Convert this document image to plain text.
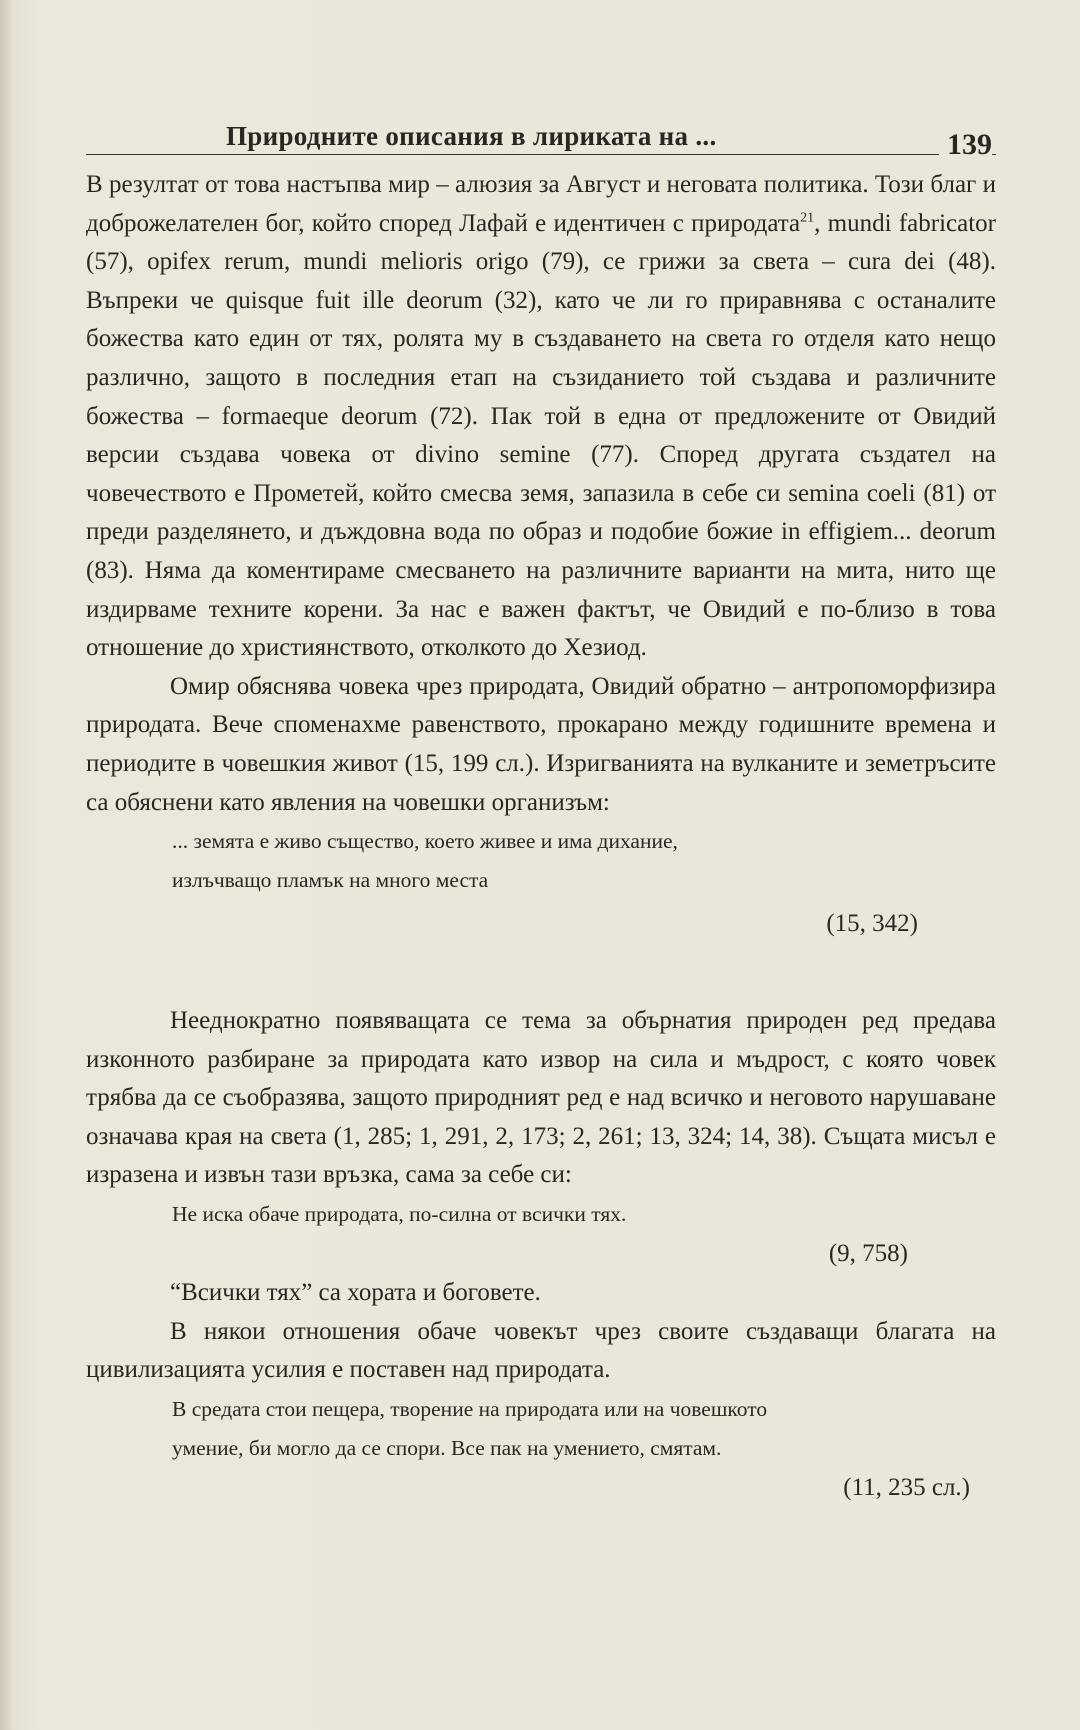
Природните описания в лириката на ...	139

В резултат от това настъпва мир – алюзия за Август и неговата политика. Този благ и доброжелателен бог, който според Лафай е идентичен с природата$^{21}$, mundi fabricator (57), opifex rerum, mundi melioris origo (79), се грижи за света – cura dei (48). Въпреки че quisque fuit ille deorum (32), като че ли го приравнява с останалите божества като един от тях, ролята му в създаването на света го отделя като нещо различно, защото в последния етап на съзиданието той създава и различните божества – formaeque deorum (72). Пак той в една от предложените от Овидий версии създава човека от divino semine (77). Според другата създател на човечеството е Прометей, който смесва земя, запазила в себе си semina coeli (81) от преди разделянето, и дъждовна вода по образ и подобие божие in effigiem... deorum (83). Няма да коментираме смесването на различните варианти на мита, нито ще издирваме техните корени. За нас е важен фактът, че Овидий е по-близо в това отношение до християнството, отколкото до Хезиод.

Омир обяснява човека чрез природата, Овидий обратно – антропоморфизира природата. Вече споменахме равенството, прокарано между годишните времена и периодите в човешкия живот (15, 199 сл.). Изригванията на вулканите и земетръсите са обяснени като явления на човешки организъм:

... земята е живо същество, което живее и има дихание,

излъчващо пламък на много места

(15, 342)

Нееднократно появяващата се тема за обърнатия природен ред предава изконното разбиране за природата като извор на сила и мъдрост, с която човек трябва да се съобразява, защото природният ред е над всичко и неговото нарушаване означава края на света (1, 285; 1, 291, 2, 173; 2, 261; 13, 324; 14, 38). Същата мисъл е изразена и извън тази връзка, сама за себе си:

Не иска обаче природата, по-силна от всички тях.

(9, 758)

“Всички тях” са хората и боговете.

В някои отношения обаче човекът чрез своите създаващи благата на цивилизацията усилия е поставен над природата.

В средата стои пещера, творение на природата или на човешкото

умение, би могло да се спори. Все пак на умението, смятам.

(11, 235 сл.)
